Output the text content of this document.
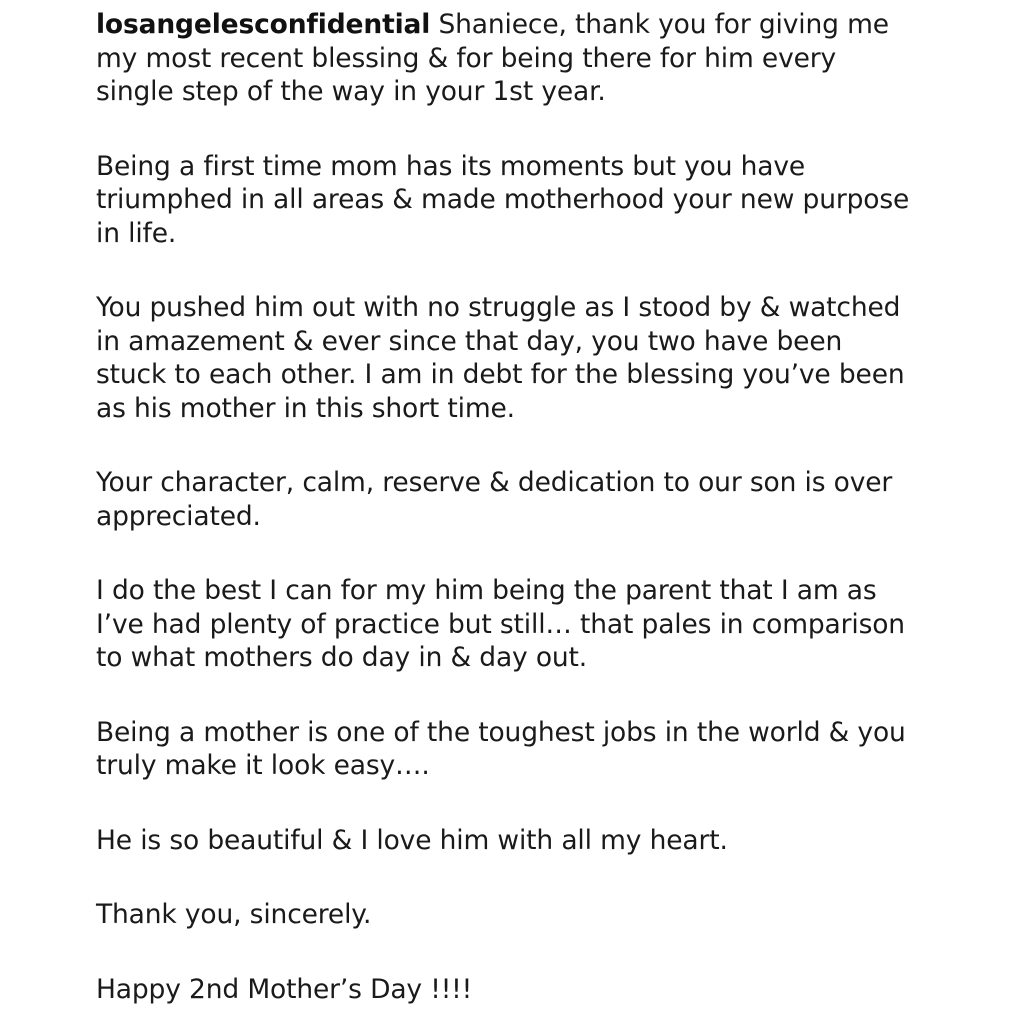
losangelesconfidential Shaniece, thank you for giving me
my most recent blessing & for being there for him every
single step of the way in your 1st year.
Being a first time mom has its moments but you have
triumphed in all areas & made motherhood your new purpose
in life.
You pushed him out with no struggle as I stood by & watched
in amazement & ever since that day, you two have been
stuck to each other. I am in debt for the blessing you’ve been
as his mother in this short time.
Your character, calm, reserve & dedication to our son is over
appreciated.
I do the best I can for my him being the parent that I am as
I’ve had plenty of practice but still… that pales in comparison
to what mothers do day in & day out.
Being a mother is one of the toughest jobs in the world & you
truly make it look easy….
He is so beautiful & I love him with all my heart.
Thank you, sincerely.
Happy 2nd Mother’s Day !!!!
